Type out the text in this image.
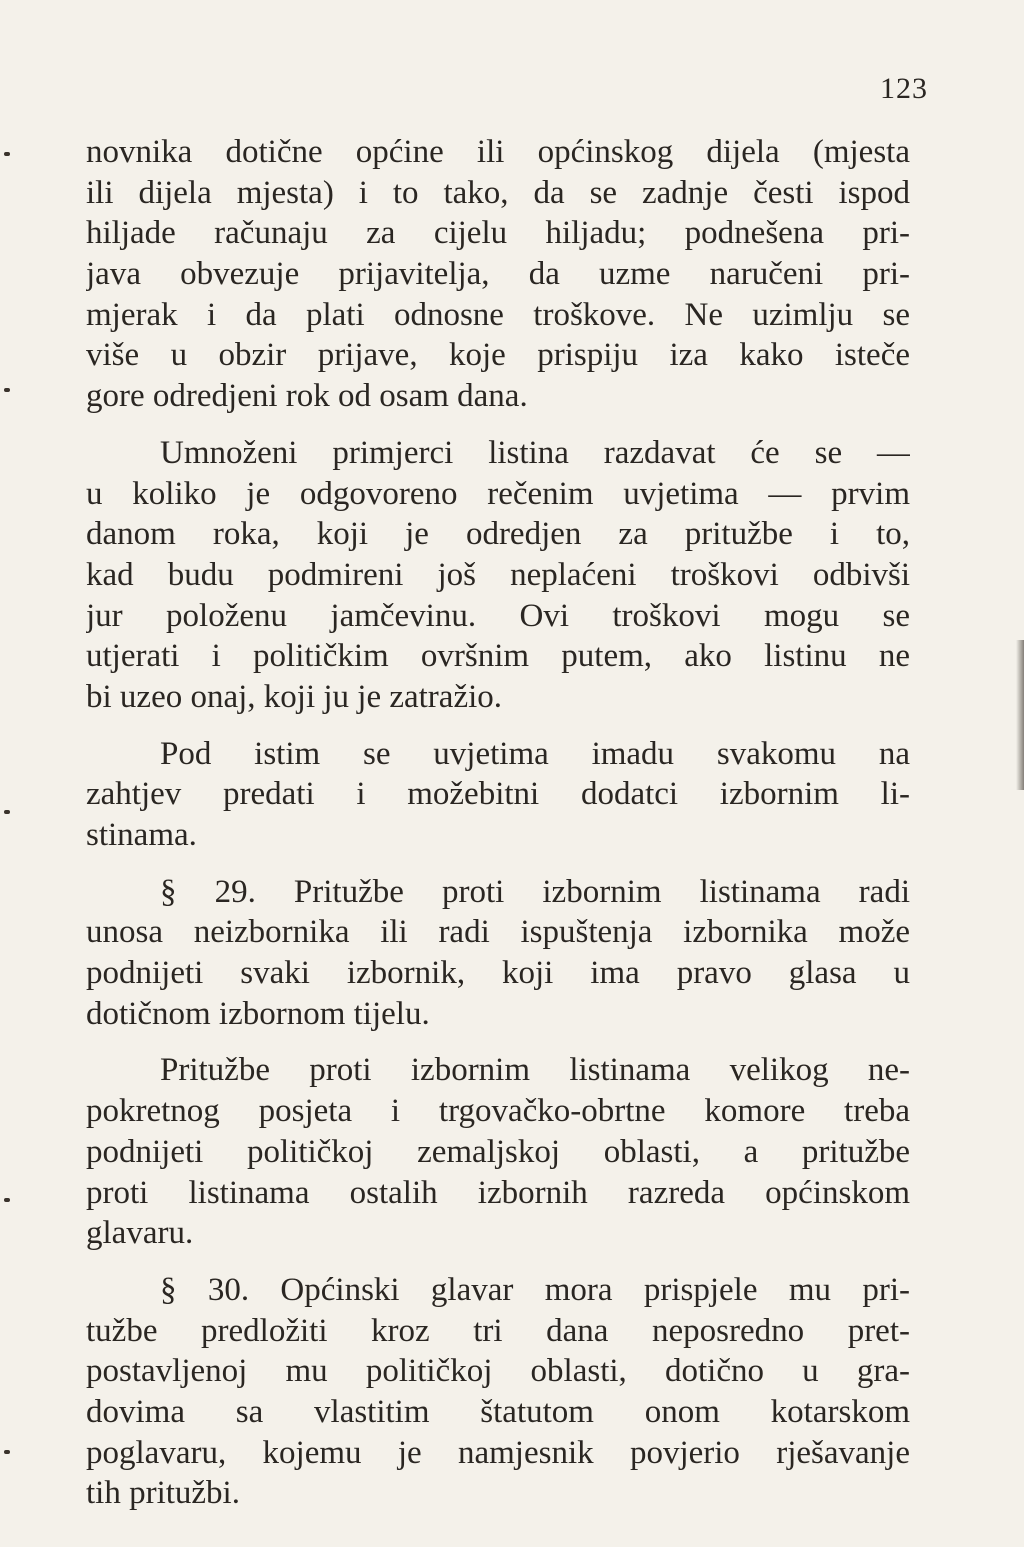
123
novnika dotične općine ili općinskog dijela (mjesta
ili dijela mjesta) i to tako, da se zadnje česti ispod
hiljade računaju za cijelu hiljadu; podnešena pri-
java obvezuje prijavitelja, da uzme naručeni pri-
mjerak i da plati odnosne troškove. Ne uzimlju se
više u obzir prijave, koje prispiju iza kako isteče
gore odredjeni rok od osam dana.
Umnoženi primjerci listina razdavat će se —
u koliko je odgovoreno rečenim uvjetima — prvim
danom roka, koji je odredjen za pritužbe i to,
kad budu podmireni još neplaćeni troškovi odbivši
jur položenu jamčevinu. Ovi troškovi mogu se
utjerati i političkim ovršnim putem, ako listinu ne
bi uzeo onaj, koji ju je zatražio.
Pod istim se uvjetima imadu svakomu na
zahtjev predati i možebitni dodatci izbornim li-
stinama.
§ 29. Pritužbe proti izbornim listinama radi
unosa neizbornika ili radi ispuštenja izbornika može
podnijeti svaki izbornik, koji ima pravo glasa u
dotičnom izbornom tijelu.
Pritužbe proti izbornim listinama velikog ne-
pokretnog posjeta i trgovačko-obrtne komore treba
podnijeti političkoj zemaljskoj oblasti, a pritužbe
proti listinama ostalih izbornih razreda općinskom
glavaru.
§ 30. Općinski glavar mora prispjele mu pri-
tužbe predložiti kroz tri dana neposredno pret-
postavljenoj mu političkoj oblasti, dotično u gra-
dovima sa vlastitim štatutom onom kotarskom
poglavaru, kojemu je namjesnik povjerio rješavanje
tih pritužbi.
